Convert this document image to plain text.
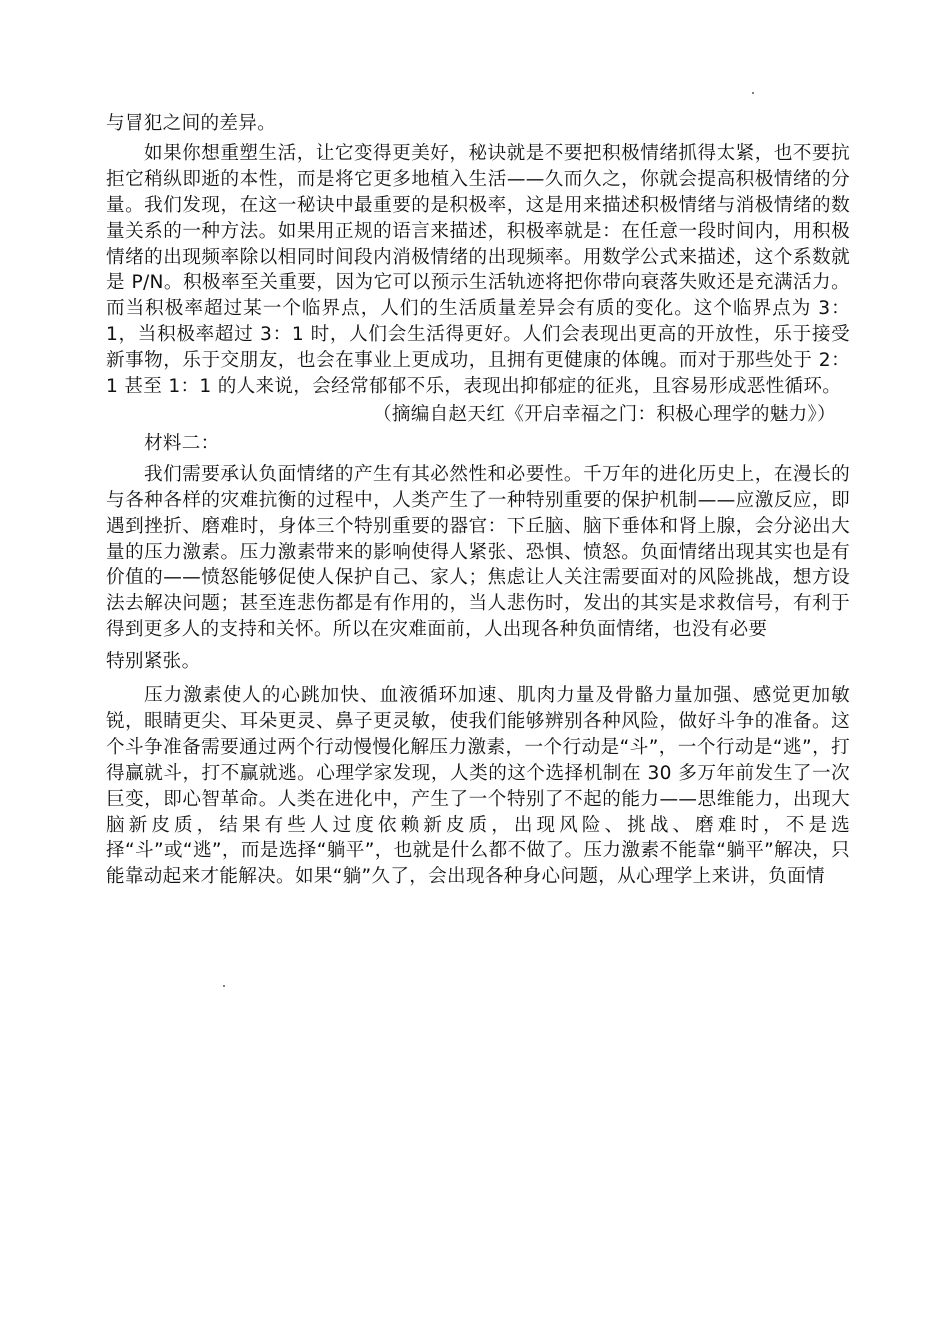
与冒犯之间的差异。

如果你想重塑生活，让它变得更美好，秘诀就是不要把积极情绪抓得太紧，也不要抗拒它稍纵即逝的本性，而是将它更多地植入生活——久而久之，你就会提高积极情绪的分量。我们发现，在这一秘诀中最重要的是积极率，这是用来描述积极情绪与消极情绪的数量关系的一种方法。如果用正规的语言来描述，积极率就是：在任意一段时间内，用积极情绪的出现频率除以相同时间段内消极情绪的出现频率。用数学公式来描述，这个系数就是 P/N。积极率至关重要，因为它可以预示生活轨迹将把你带向衰落失败还是充满活力。而当积极率超过某一个临界点，人们的生活质量差异会有质的变化。这个临界点为 3：1，当积极率超过 3：1 时，人们会生活得更好。人们会表现出更高的开放性，乐于接受新事物，乐于交朋友，也会在事业上更成功，且拥有更健康的体魄。而对于那些处于 2：1 甚至 1：1 的人来说，会经常郁郁不乐，表现出抑郁症的征兆，且容易形成恶性循环。

（摘编自赵天红《开启幸福之门：积极心理学的魅力》）

材料二：

我们需要承认负面情绪的产生有其必然性和必要性。千万年的进化历史上，在漫长的与各种各样的灾难抗衡的过程中，人类产生了一种特别重要的保护机制——应激反应，即遇到挫折、磨难时，身体三个特别重要的器官：下丘脑、脑下垂体和肾上腺，会分泌出大量的压力激素。压力激素带来的影响使得人紧张、恐惧、愤怒。负面情绪出现其实也是有价值的——愤怒能够促使人保护自己、家人；焦虑让人关注需要面对的风险挑战，想方设法去解决问题；甚至连悲伤都是有作用的，当人悲伤时，发出的其实是求救信号，有利于得到更多人的支持和关怀。所以在灾难面前，人出现各种负面情绪，也没有必要

特别紧张。

压力激素使人的心跳加快、血液循环加速、肌肉力量及骨骼力量加强、感觉更加敏锐，眼睛更尖、耳朵更灵、鼻子更灵敏，使我们能够辨别各种风险，做好斗争的准备。这个斗争准备需要通过两个行动慢慢化解压力激素，一个行动是“斗”，一个行动是“逃”，打得赢就斗，打不赢就逃。心理学家发现，人类的这个选择机制在 30 多万年前发生了一次巨变，即心智革命。人类在进化中，产生了一个特别了不起的能力——思维能力，出现大脑新皮质，结果有些人过度依赖新皮质，出现风险、挑战、磨难时，不是选择“斗”或“逃”，而是选择“躺平”，也就是什么都不做了。压力激素不能靠“躺平”解决，只能靠动起来才能解决。如果“躺”久了，会出现各种身心问题，从心理学上来讲，负面情
